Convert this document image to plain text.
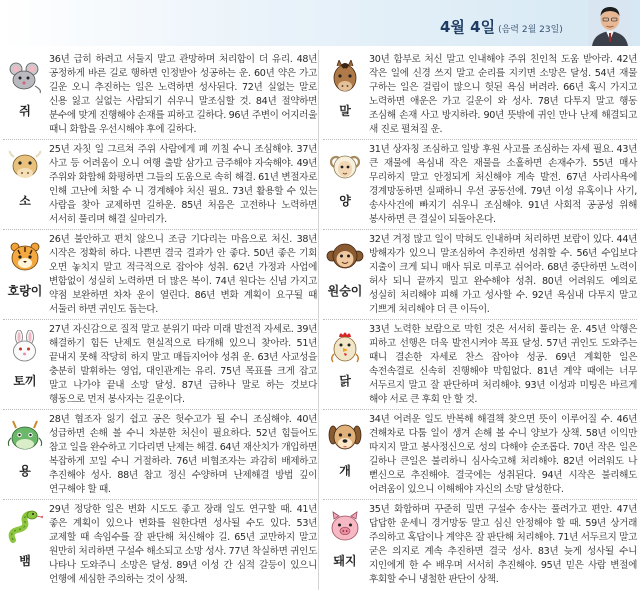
4월 4일 (음력 2월 23일)
쥐
36년 급히 하려고 서둘지 말고 관망하며 처리함이 더 유리. 48년 공정하게 바른 길로 행하면 인정받아 성공하는 운. 60년 약은 가고 길운 오니 추진하는 일은 노력하면 성사된다. 72년 실없는 말로 신용 잃고 실없는 사람되기 쉬우니 말조심할 것. 84년 절약하면 분수에 맞게 진행해야 손재를 피하고 길하다. 96년 주변이 어지러울 때니 화합을 우선시해야 후에 길하다.
소
25년 자칫 일 그르쳐 주위 사람에게 폐 끼칠 수니 조심해야. 37년 사고 등 어려움이 오니 여행 출발 삼가고 금주해야 자숙해야. 49년 주위와 화합해 화평하면 그들의 도움으로 속히 해결. 61년 변절자로 인해 고난에 처할 수 니 경계해야 처신 필요. 73년 활용할 수 있는 사람을 찾아 교제하면 길하운. 85년 처음은 고전하나 노력하면 서서히 풀리며 해결 실마리가.
호랑이
26년 불안하고 편치 않으니 조금 기다리는 마음으로 처신. 38년 시작은 정확히 하다. 나쁜면 결국 결과가 안 좋다. 50년 좋은 기회 오면 놓치지 말고 적극적으로 잡아야 성취. 62년 가정과 사업에 변함없이 성실히 노력하면 더 많은 복이. 74년 원다는 신념 가지고 약점 보완하면 차차 운이 열린다. 86년 변화 계획이 요구될 때 서둘러 하면 귀인도 돕는다.
토끼
27년 자신감으로 질적 말고 분위기 따라 미래 발전적 자세로. 39년 해결하기 힘든 난제도 현실적으로 타개해 있으니 찾아라. 51년 끝내지 못해 작당히 하지 말고 매듭지어야 성취 운. 63년 사교성을 충분히 발휘하는 영업, 대인관계는 유리. 75년 목표를 크게 잡고 말고 나가야 끝내 소망 달성. 87년 급하나 말로 하는 것보다 행동으로 먼저 봉사자는 길운이다.
용
28년 협조자 잃기 쉽고 공은 헛수고가 될 수니 조심해야. 40년 성급하면 손해 볼 수니 차분한 처신이 필요하다. 52년 힘들어도 참고 일을 완수하고 기다리면 난제는 해결. 64년 재산치가 개입하면 복잡하게 꼬일 수니 거절하라. 76년 비협조자는 과감히 배제하고 추진해야 성사. 88년 참고 정신 수양하며 난제해결 방법 깊이 연구해야 할 때.
뱀
29년 정당한 일은 변화 시도도 좋고 장래 일도 연구할 때. 41년 좋은 계획이 있으나 변화를 원한다면 성사될 수도 있다. 53년 교제할 때 속임수를 잘 판단해 처신해야 길. 65년 교만하지 말고 원만히 처리하면 구설수 해소되고 소망 성사. 77년 착실하면 귀인도 나타나 도와주니 소망은 달성. 89년 이성 간 심적 갈등이 있으니 언행에 세심한 주의하는 것이 상책.
말
30년 함부로 처신 말고 인내해야 주위 친인척 도움 받아라. 42년 작은 일에 신경 쓰지 말고 순리를 지키면 소망은 달성. 54년 재물 구하는 일은 걸림이 많으니 헛된 욕심 버려라. 66년 혹시 가지고 노력하면 애운은 가고 길운이 와 성사. 78년 다투지 말고 행동 조심해 손재 사고 방지하라. 90년 뜻밖에 귀인 만나 난제 해결되고 새 진로 펼쳐질 운.
양
31년 상자칭 조심하고 일방 후원 사고를 조심하는 자세 필요. 43년 큰 재물에 욕심내 작은 재물을 소홀하면 손재수가. 55년 매사 무리하지 말고 안정되게 처신해야 계속 발전. 67년 사리사욕에 경계망동하면 실패하니 우선 공동선에. 79년 이성 유혹이나 사기, 송사사건에 빠지기 쉬우니 조심해야. 91년 사회적 공공성 위해 봉사하면 큰 결실이 되돌아온다.
원숭이
32년 겨정 많고 일이 막혀도 인내하며 처리하면 보람이 있다. 44년 방해자가 있으니 말조심하여 추진하면 성취할 수. 56년 수입보다 지출이 크게 되니 매사 뒤로 미루고 쉬어라. 68년 중단하면 노력이 허사 되니 끝까지 밀고 완수해야 성취. 80년 어려워도 예의로 성실히 처리해야 피해 가고 성사할 수. 92년 욕심내 다투지 말고 기쁘게 처리해야 더 큰 이득이.
닭
33년 노력한 보람으로 막힌 것은 서서히 풀리는 운. 45년 악행은 피하고 선행은 더욱 발전시켜야 목표 달성. 57년 귀인도 도와주는 때니 결손한 자세로 찬스 잡아야 성공. 69년 계획한 일은 속전속결로 신속히 진행해야 막힘없다. 81년 계약 때에는 너무 서두르지 말고 잘 판단하며 처리해야. 93년 이성과 미팅은 바르게 해야 서로 큰 후회 안 할 것.
개
34년 어려운 일도 반복해 해결책 찾으면 뜻이 이루어질 수. 46년 견해차로 다툼 일이 생겨 손해 볼 수니 양보가 상책. 58년 이익만 따지지 말고 봉사정신으로 성의 다해야 순조롭다. 70년 작은 일은 길하나 큰일은 불리하니 심사숙고해 처리해야. 82년 어려워도 나 뻗신으로 추진해야. 결국에는 성취된다. 94년 시작은 불리해도 어려움이 있으니 이해해야 자신의 소망 달성한다.
돼지
35년 화합하며 꾸준히 밀면 구설수 송사는 풀려가고 편안. 47년 답답한 운세니 경거망동 말고 심신 안정해야 할 때. 59년 상거래 주의하고 혹답이나 계약은 잘 판단해 처리해야. 71년 서두르지 말고 굳은 의지로 계속 추진하면 결국 성사. 83년 늦게 성사될 수니 지인에게 한 수 배우며 서서히 추진해야. 95년 믿은 사람 변절에 후회할 수니 냉철한 판단이 상책.
